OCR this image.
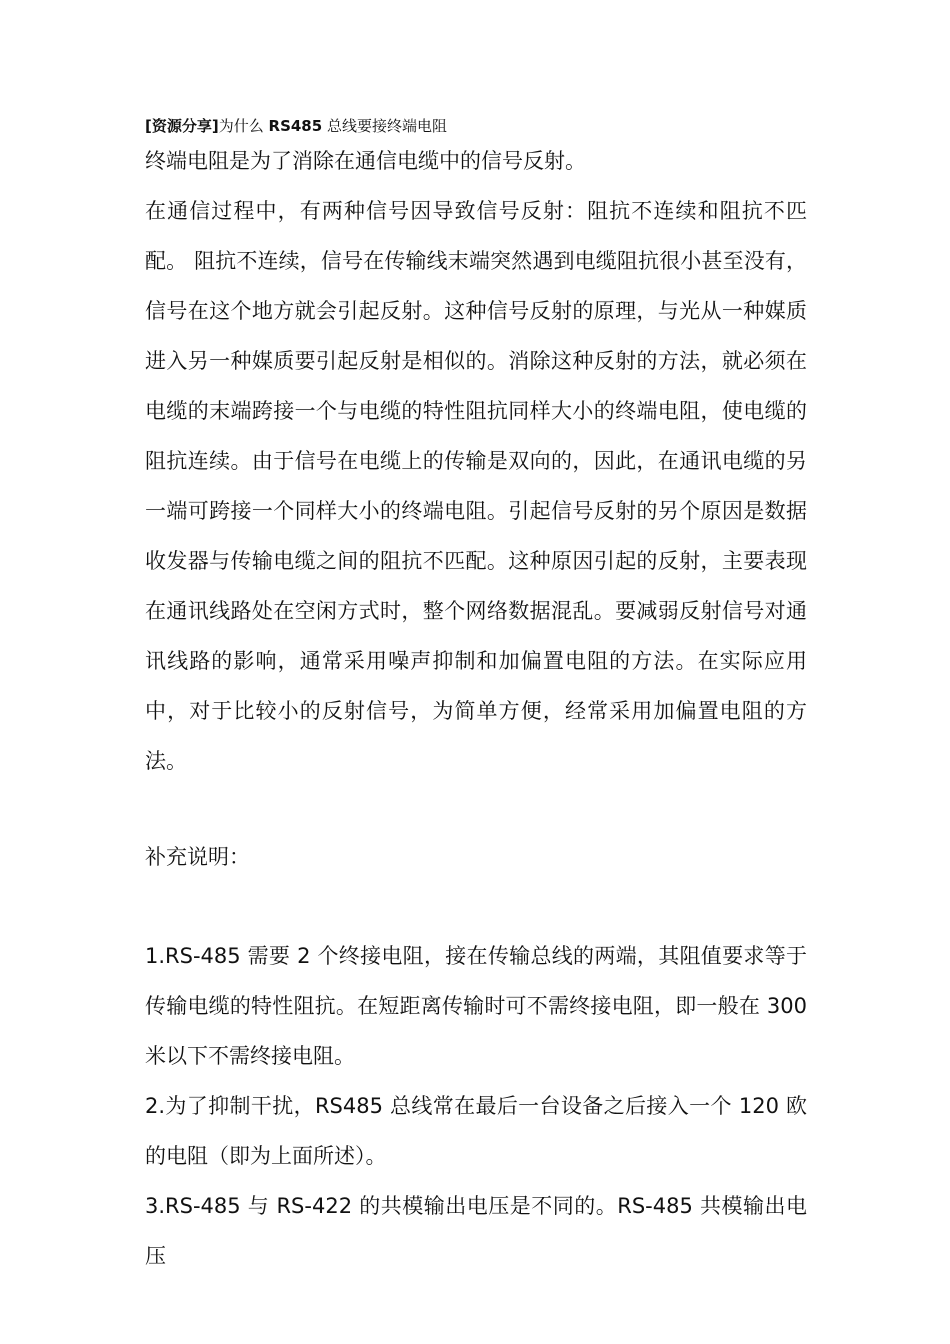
[资源分享]为什么 RS485 总线要接终端电阻

终端电阻是为了消除在通信电缆中的信号反射。

在通信过程中，有两种信号因导致信号反射：阻抗不连续和阻抗不匹配。 阻抗不连续，信号在传输线末端突然遇到电缆阻抗很小甚至没有，信号在这个地方就会引起反射。这种信号反射的原理，与光从一种媒质进入另一种媒质要引起反射是相似的。消除这种反射的方法，就必须在电缆的末端跨接一个与电缆的特性阻抗同样大小的终端电阻，使电缆的阻抗连续。由于信号在电缆上的传输是双向的，因此，在通讯电缆的另一端可跨接一个同样大小的终端电阻。引起信号反射的另个原因是数据收发器与传输电缆之间的阻抗不匹配。这种原因引起的反射，主要表现在通讯线路处在空闲方式时，整个网络数据混乱。要减弱反射信号对通讯线路的影响，通常采用噪声抑制和加偏置电阻的方法。在实际应用中，对于比较小的反射信号，为简单方便，经常采用加偏置电阻的方法。

补充说明：

1.RS-485 需要 2 个终接电阻，接在传输总线的两端，其阻值要求等于传输电缆的特性阻抗。在短距离传输时可不需终接电阻，即一般在 300 米以下不需终接电阻。

2.为了抑制干扰，RS485 总线常在最后一台设备之后接入一个 120 欧的电阻（即为上面所述）。

3.RS-485 与 RS-422 的共模输出电压是不同的。RS-485 共模输出电压
